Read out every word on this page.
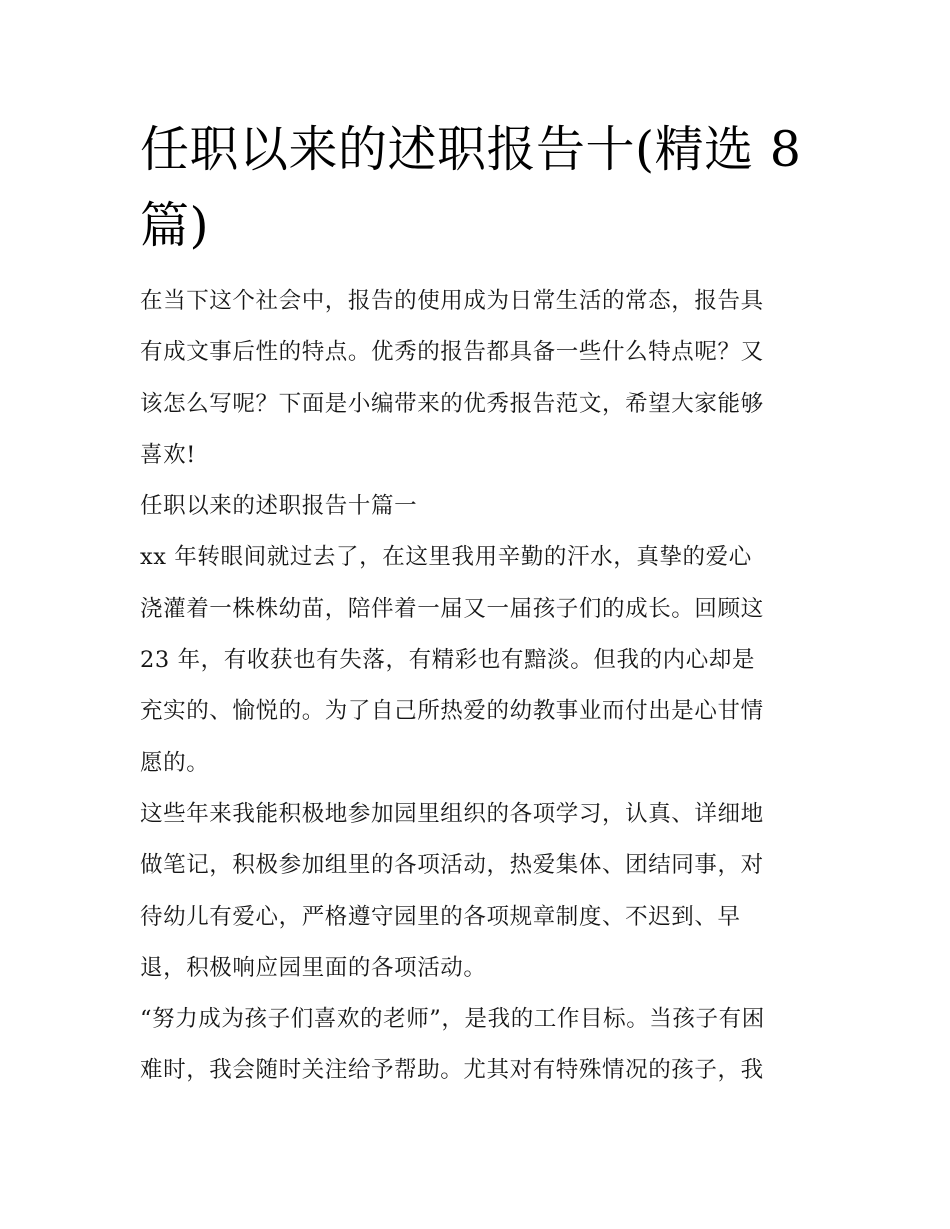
任职以来的述职报告十(精选 8 篇)
在当下这个社会中，报告的使用成为日常生活的常态，报告具
有成文事后性的特点。优秀的报告都具备一些什么特点呢？又
该怎么写呢？下面是小编带来的优秀报告范文，希望大家能够
喜欢!
任职以来的述职报告十篇一
xx 年转眼间就过去了，在这里我用辛勤的汗水，真挚的爱心
浇灌着一株株幼苗，陪伴着一届又一届孩子们的成长。回顾这
23 年，有收获也有失落，有精彩也有黯淡。但我的内心却是
充实的、愉悦的。为了自己所热爱的幼教事业而付出是心甘情
愿的。
这些年来我能积极地参加园里组织的各项学习，认真、详细地
做笔记，积极参加组里的各项活动，热爱集体、团结同事，对
待幼儿有爱心，严格遵守园里的各项规章制度、不迟到、早
退，积极响应园里面的各项活动。
“努力成为孩子们喜欢的老师”，是我的工作目标。当孩子有困
难时，我会随时关注给予帮助。尤其对有特殊情况的孩子，我
